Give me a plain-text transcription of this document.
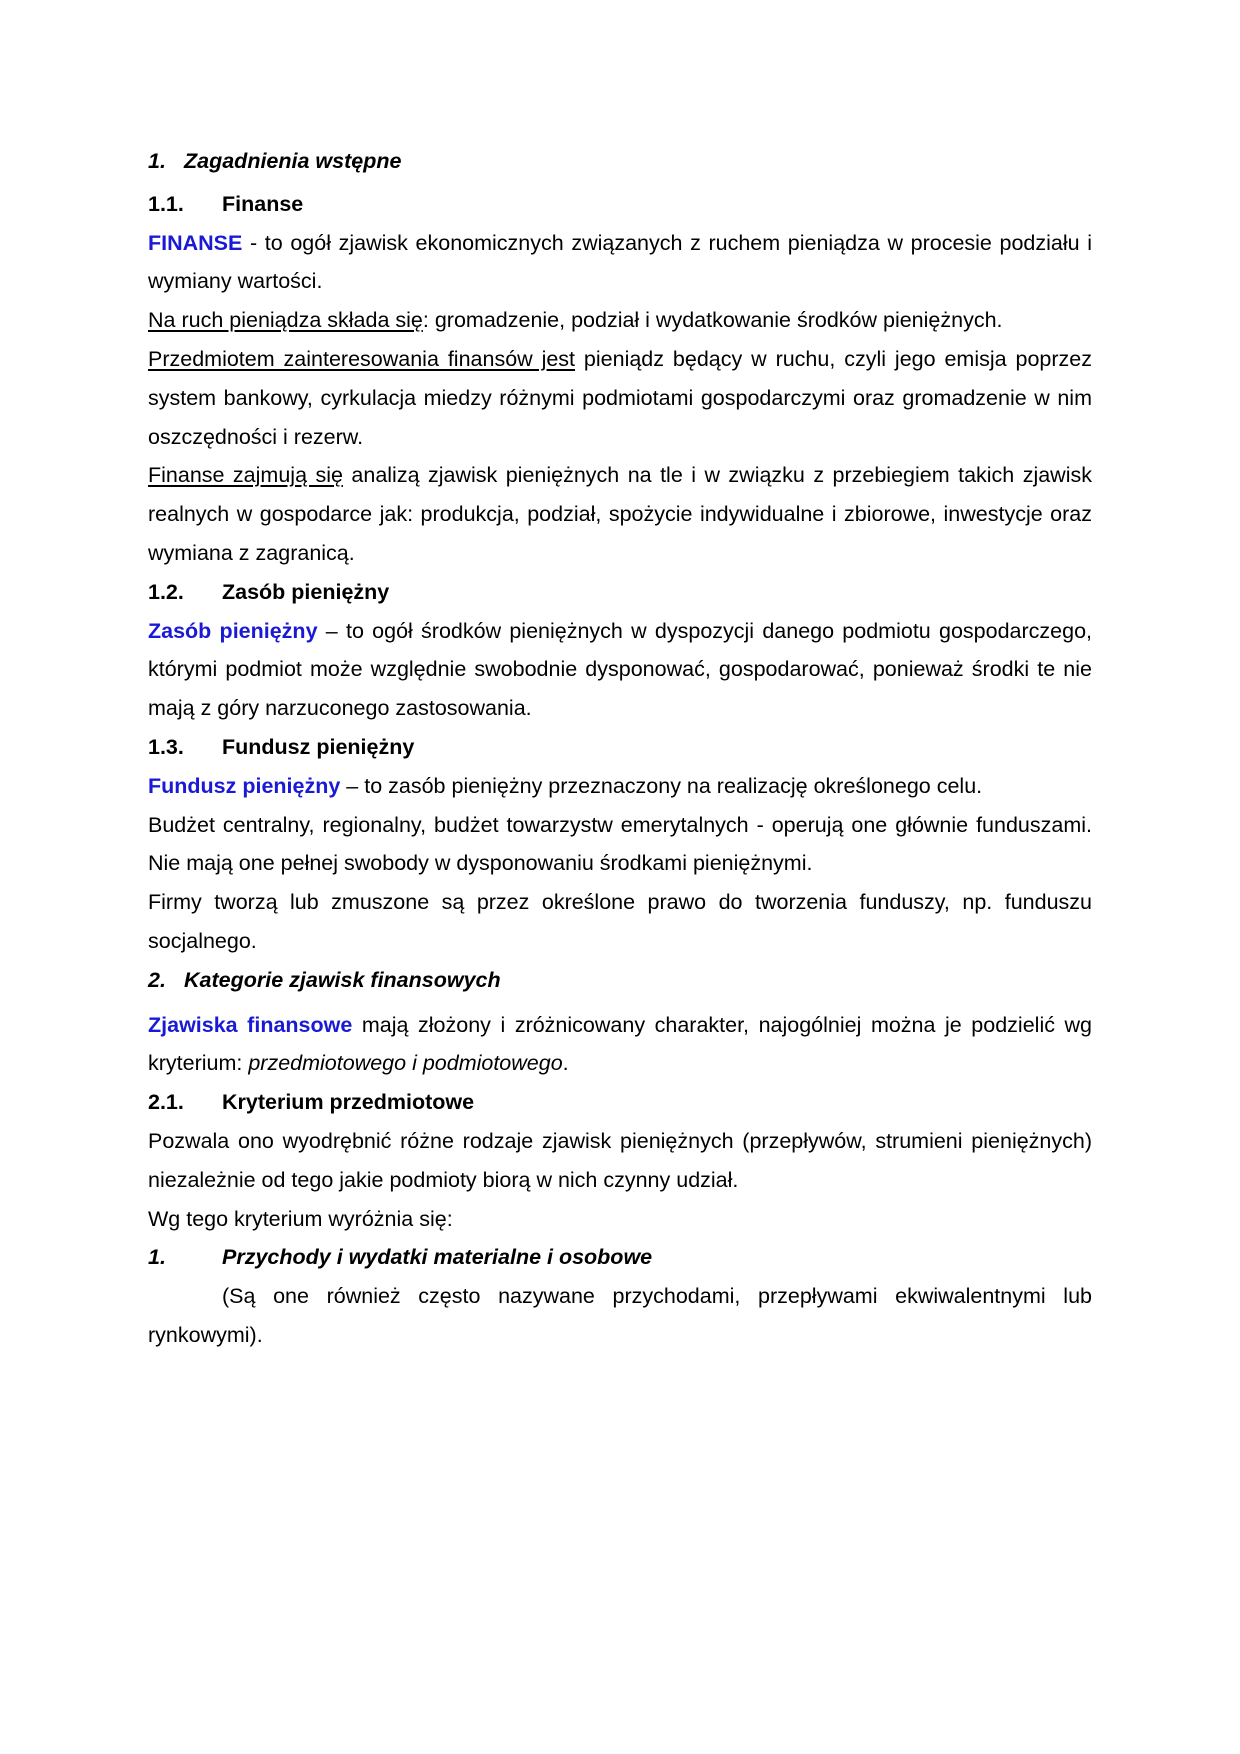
1. Zagadnienia wstępne
1.1.	Finanse

FINANSE - to ogół zjawisk ekonomicznych związanych z ruchem pieniądza w procesie podziału i wymiany wartości.

Na ruch pieniądza składa się: gromadzenie, podział i wydatkowanie środków pieniężnych.

Przedmiotem zainteresowania finansów jest pieniądz będący w ruchu, czyli jego emisja poprzez system bankowy, cyrkulacja miedzy różnymi podmiotami gospodarczymi oraz gromadzenie w nim oszczędności i rezerw.

Finanse zajmują się analizą zjawisk pieniężnych na tle i w związku z przebiegiem takich zjawisk realnych w gospodarce jak: produkcja, podział, spożycie indywidualne i zbiorowe, inwestycje oraz wymiana z zagranicą.

1.2.	Zasób pieniężny

Zasób pieniężny – to ogół środków pieniężnych w dyspozycji danego podmiotu gospodarczego, którymi podmiot może względnie swobodnie dysponować, gospodarować, ponieważ środki te nie mają z góry narzuconego zastosowania.

1.3.	Fundusz pieniężny

Fundusz pieniężny – to zasób pieniężny przeznaczony na realizację określonego celu.

Budżet centralny, regionalny, budżet towarzystw emerytalnych - operują one głównie funduszami. Nie mają one pełnej swobody w dysponowaniu środkami pieniężnymi.

Firmy tworzą lub zmuszone są przez określone prawo do tworzenia funduszy, np. funduszu socjalnego.

2. Kategorie zjawisk finansowych

Zjawiska finansowe mają złożony i zróżnicowany charakter, najogólniej można je podzielić wg kryterium: przedmiotowego i podmiotowego.

2.1.	Kryterium przedmiotowe

Pozwala ono wyodrębnić różne rodzaje zjawisk pieniężnych (przepływów, strumieni pieniężnych) niezależnie od tego jakie podmioty biorą w nich czynny udział.

Wg tego kryterium wyróżnia się:

1.	Przychody i wydatki materialne i osobowe

(Są one również często nazywane przychodami, przepływami ekwiwalentnymi lub rynkowymi).
